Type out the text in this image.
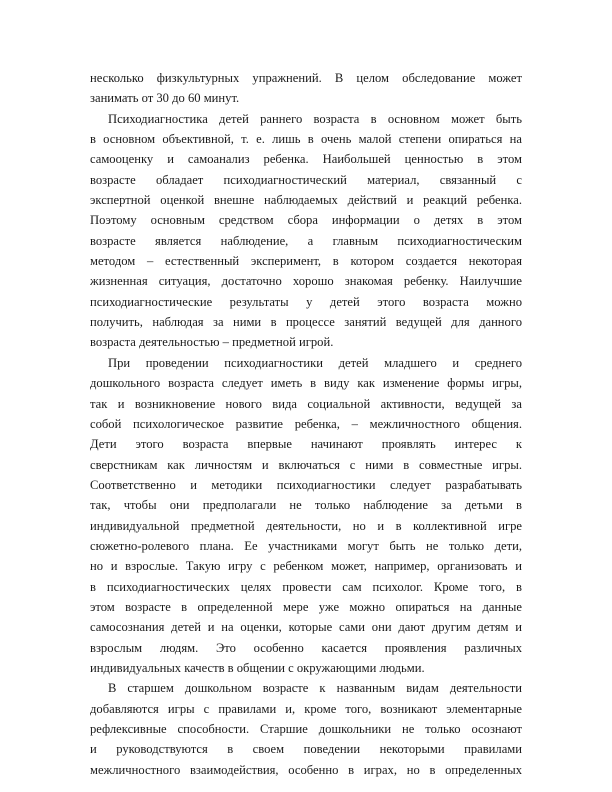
несколько физкультурных упражнений. В целом обследование может
занимать от 30 до 60 минут.
Психодиагностика детей раннего возраста в основном может быть
в основном объективной, т. е. лишь в очень малой степени опираться на
самооценку и самоанализ ребенка. Наибольшей ценностью в этом
возрасте обладает психодиагностический материал, связанный с
экспертной оценкой внешне наблюдаемых действий и реакций ребенка.
Поэтому основным средством сбора информации о детях в этом
возрасте является наблюдение, а главным психодиагностическим
методом – естественный эксперимент, в котором создается некоторая
жизненная ситуация, достаточно хорошо знакомая ребенку. Наилучшие
психодиагностические результаты у детей этого возраста можно
получить, наблюдая за ними в процессе занятий ведущей для данного
возраста деятельностью – предметной игрой.
При проведении психодиагностики детей младшего и среднего
дошкольного возраста следует иметь в виду как изменение формы игры,
так и возникновение нового вида социальной активности, ведущей за
собой психологическое развитие ребенка, – межличностного общения.
Дети этого возраста впервые начинают проявлять интерес к
сверстникам как личностям и включаться с ними в совместные игры.
Соответственно и методики психодиагностики следует разрабатывать
так, чтобы они предполагали не только наблюдение за детьми в
индивидуальной предметной деятельности, но и в коллективной игре
сюжетно-ролевого плана. Ее участниками могут быть не только дети,
но и взрослые. Такую игру с ребенком может, например, организовать и
в психодиагностических целях провести сам психолог. Кроме того, в
этом возрасте в определенной мере уже можно опираться на данные
самосознания детей и на оценки, которые сами они дают другим детям и
взрослым людям. Это особенно касается проявления различных
индивидуальных качеств в общении с окружающими людьми.
В старшем дошкольном возрасте к названным видам деятельности
добавляются игры с правилами и, кроме того, возникают элементарные
рефлексивные способности. Старшие дошкольники не только осознают
и руководствуются в своем поведении некоторыми правилами
межличностного взаимодействия, особенно в играх, но в определенных
